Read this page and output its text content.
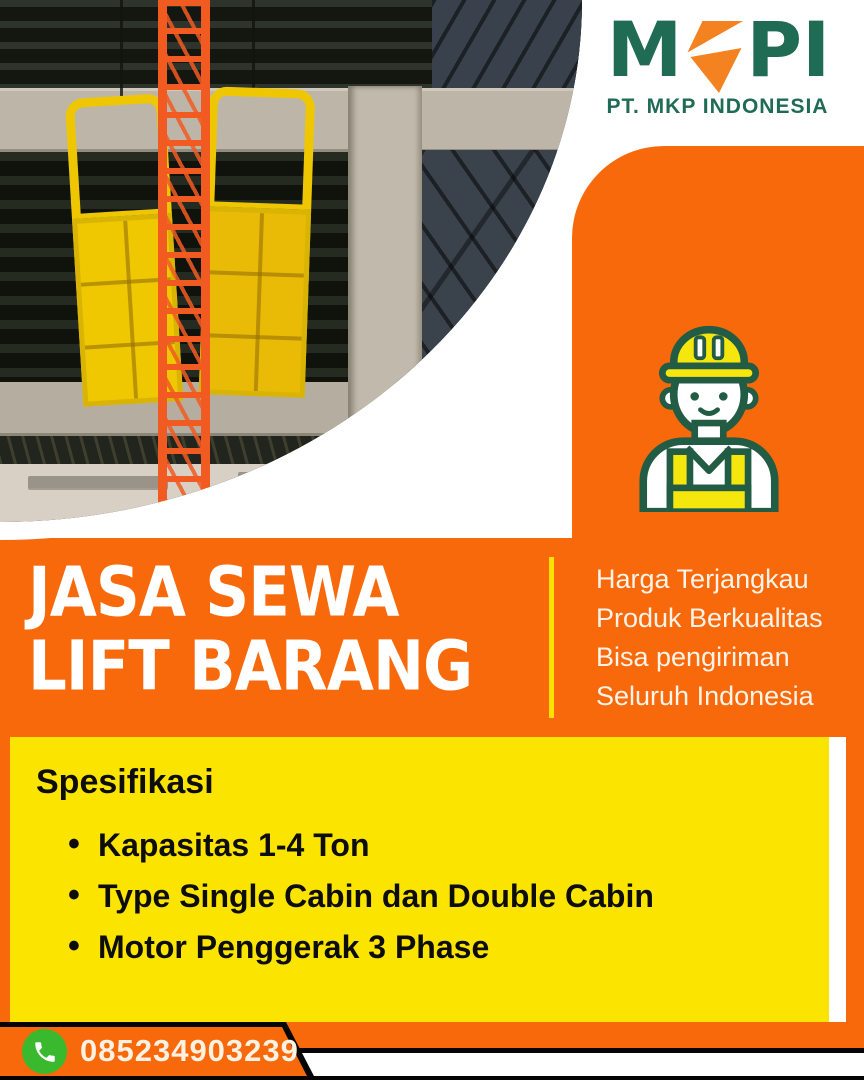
M P I
PT. MKP INDONESIA
JASA SEWA
LIFT BARANG
Harga Terjangkau
Produk Berkualitas
Bisa pengiriman
Seluruh Indonesia
Spesifikasi
• Kapasitas 1-4 Ton
• Type Single Cabin dan Double Cabin
• Motor Penggerak 3 Phase
085234903239
